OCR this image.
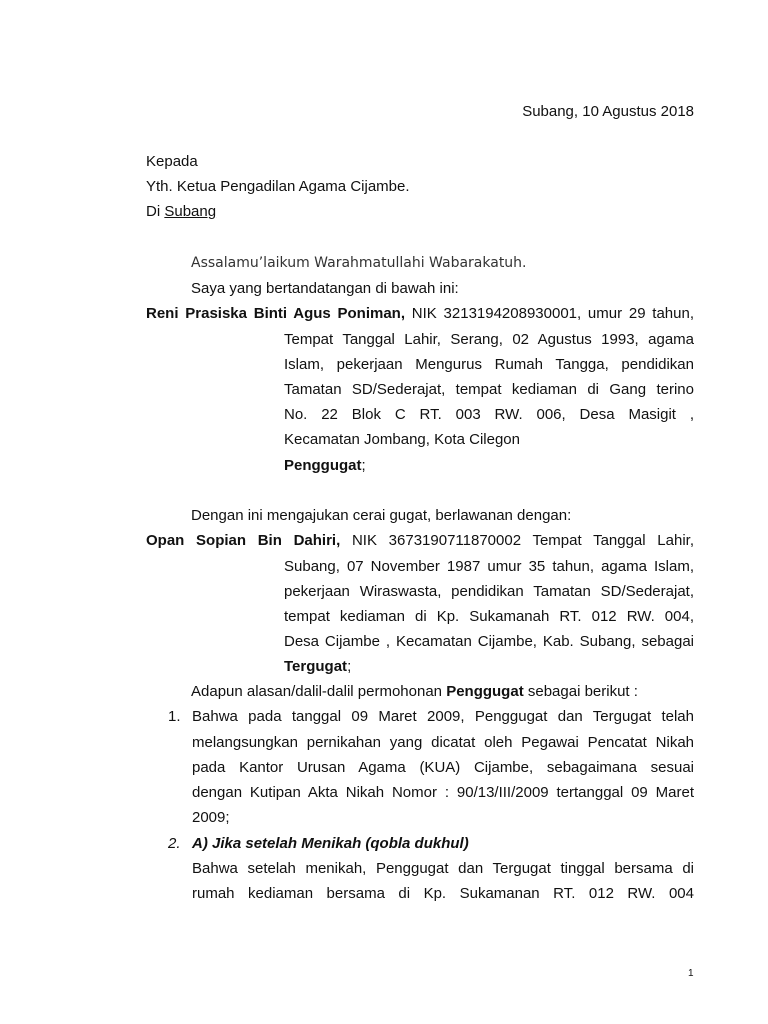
Subang, 10 Agustus 2018
Kepada
Yth. Ketua Pengadilan Agama Cijambe.
Di Subang
Assalamu’laikum Warahmatullahi Wabarakatuh.
Saya yang bertandatangan di bawah ini:
Reni Prasiska Binti Agus Poniman, NIK 3213194208930001, umur 29 tahun,
Tempat Tanggal Lahir, Serang, 02 Agustus 1993, agama
Islam, pekerjaan Mengurus Rumah Tangga, pendidikan
Tamatan SD/Sederajat, tempat kediaman di Gang terino
No. 22 Blok C RT. 003 RW. 006, Desa Masigit ,
Kecamatan Jombang, Kota Cilegon
Penggugat;
Dengan ini mengajukan cerai gugat, berlawanan dengan:
Opan Sopian Bin Dahiri, NIK 3673190711870002 Tempat Tanggal Lahir,
Subang, 07 November 1987 umur 35 tahun, agama Islam,
pekerjaan Wiraswasta, pendidikan Tamatan SD/Sederajat,
tempat kediaman di Kp. Sukamanah RT. 012 RW. 004,
Desa Cijambe , Kecamatan Cijambe, Kab. Subang, sebagai
Tergugat;
Adapun alasan/dalil-dalil permohonan Penggugat sebagai berikut :
1. Bahwa pada tanggal 09 Maret 2009, Penggugat dan Tergugat telah
melangsungkan pernikahan yang dicatat oleh Pegawai Pencatat Nikah
pada Kantor Urusan Agama (KUA) Cijambe, sebagaimana sesuai
dengan Kutipan Akta Nikah Nomor : 90/13/III/2009 tertanggal 09 Maret
2009;
2. A) Jika setelah Menikah (qobla dukhul)
Bahwa setelah menikah, Penggugat dan Tergugat tinggal bersama di
rumah kediaman bersama di Kp. Sukamanan RT. 012 RW. 004
1
